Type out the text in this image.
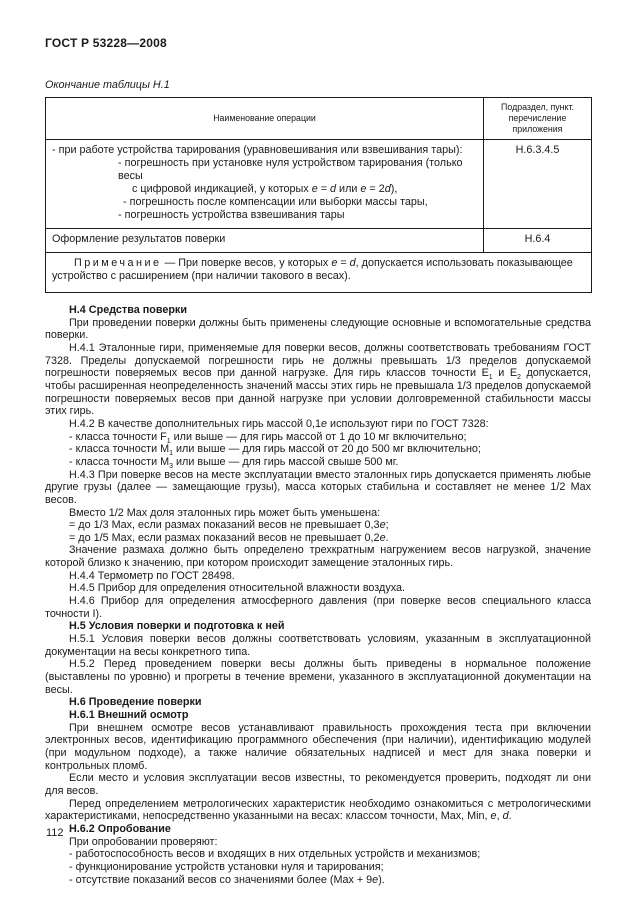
ГОСТ Р 53228—2008
Окончание таблицы Н.1
Наименование операции	Подраздел, пункт. перечисление приложения

- при работе устройства тарирования (уравновешивания или взвешивания тары):
- погрешность при установке нуля устройством тарирования (только весы
с цифровой индикацией, у которых e = d или e = 2d),
- погрешность после компенсации или выборки массы тары,
- погрешность устройства взвешивания тары	Н.6.3.4.5

Оформление результатов поверки	Н.6.4
Примечание — При поверке весов, у которых e = d, допускается использовать показывающее устройство с расширением (при наличии такового в весах).	
Н.4 Средства поверки
При проведении поверки должны быть применены следующие основные и вспомогательные средства поверки.
Н.4.1 Эталонные гири, применяемые для поверки весов, должны соответствовать требованиям ГОСТ 7328. Пределы допускаемой погрешности гирь не должны превышать 1/3 пределов допускаемой погрешности поверяемых весов при данной нагрузке. Для гирь классов точности $E_1$ и $E_2$ допускается, чтобы расширенная неопределенность значений массы этих гирь не превышала 1/3 пределов допускаемой погрешности поверяемых весов при данной нагрузке при условии долговременной стабильности массы этих гирь.
Н.4.2 В качестве дополнительных гирь массой 0,1e используют гири по ГОСТ 7328:
- класса точности $F_1$ или выше — для гирь массой от 1 до 10 мг включительно;
- класса точности $M_1$ или выше — для гирь массой от 20 до 500 мг включительно;
- класса точности $M_3$ или выше — для гирь массой свыше 500 мг.
Н.4.3 При поверке весов на месте эксплуатации вместо эталонных гирь допускается применять любые другие грузы (далее — замещающие грузы), масса которых стабильна и составляет не менее 1/2 Max весов.
Вместо 1/2 Max доля эталонных гирь может быть уменьшена:
= до 1/3 Max, если размах показаний весов не превышает 0,3e;
= до 1/5 Max, если размах показаний весов не превышает 0,2e.
Значение размаха должно быть определено трехкратным нагружением весов нагрузкой, значение которой близко к значению, при котором происходит замещение эталонных гирь.
Н.4.4 Термометр по ГОСТ 28498.
Н.4.5 Прибор для определения относительной влажности воздуха.
Н.4.6 Прибор для определения атмосферного давления (при поверке весов специального класса точности I).
Н.5 Условия поверки и подготовка к ней
Н.5.1 Условия поверки весов должны соответствовать условиям, указанным в эксплуатационной документации на весы конкретного типа.
Н.5.2 Перед проведением поверки весы должны быть приведены в нормальное положение (выставлены по уровню) и прогреты в течение времени, указанного в эксплуатационной документации на весы.
Н.6 Проведение поверки
Н.6.1 Внешний осмотр
При внешнем осмотре весов устанавливают правильность прохождения теста при включении электронных весов, идентификацию программного обеспечения (при наличии), идентификацию модулей (при модульном подходе), а также наличие обязательных надписей и мест для знака поверки и контрольных пломб.
Если место и условия эксплуатации весов известны, то рекомендуется проверить, подходят ли они для весов.
Перед определением метрологических характеристик необходимо ознакомиться с метрологическими характеристиками, непосредственно указанными на весах: классом точности, Max, Min, e, d.
Н.6.2 Опробование
При опробовании проверяют:
- работоспособность весов и входящих в них отдельных устройств и механизмов;
- функционирование устройств установки нуля и тарирования;
- отсутствие показаний весов со значениями более (Max + 9e).
112
